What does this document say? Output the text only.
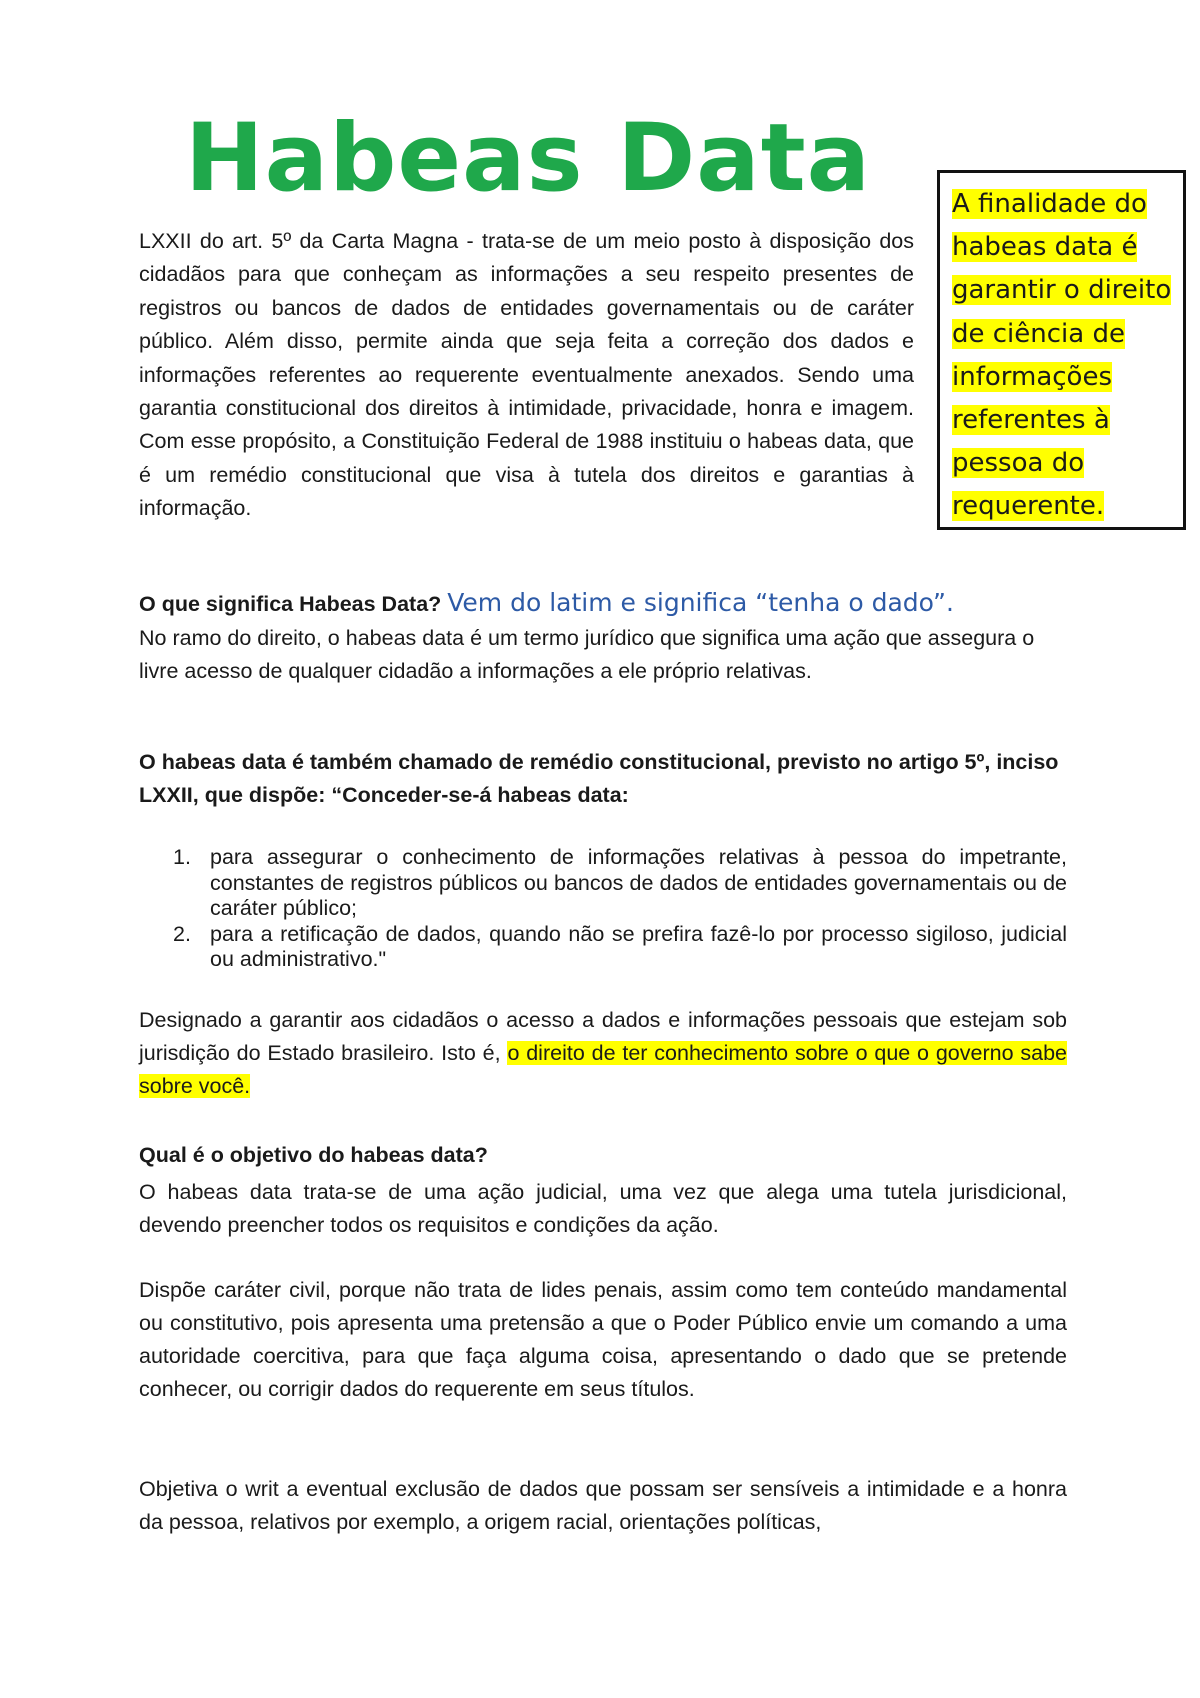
Habeas Data

LXXII do art. 5º da Carta Magna - trata-se de um meio posto à disposição dos cidadãos para que conheçam as informações a seu respeito presentes de registros ou bancos de dados de entidades governamentais ou de caráter público. Além disso, permite ainda que seja feita a correção dos dados e informações referentes ao requerente eventualmente anexados. Sendo uma garantia constitucional dos direitos à intimidade, privacidade, honra e imagem. Com esse propósito, a Constituição Federal de 1988 instituiu o habeas data, que é um remédio constitucional que visa à tutela dos direitos e garantias à informação.

A finalidade do habeas data é garantir o direito de ciência de informações referentes à pessoa do requerente.
O que significa Habeas Data? Vem do latim e significa “tenha o dado”.
No ramo do direito, o habeas data é um termo jurídico que significa uma ação que assegura o livre acesso de qualquer cidadão a informações a ele próprio relativas.
O habeas data é também chamado de remédio constitucional, previsto no artigo 5º, inciso LXXII, que dispõe: “Conceder-se-á habeas data:
1. para assegurar o conhecimento de informações relativas à pessoa do impetrante, constantes de registros públicos ou bancos de dados de entidades governamentais ou de caráter público;
2. para a retificação de dados, quando não se prefira fazê-lo por processo sigiloso, judicial ou administrativo."

Designado a garantir aos cidadãos o acesso a dados e informações pessoais que estejam sob jurisdição do Estado brasileiro. Isto é, o direito de ter conhecimento sobre o que o governo sabe sobre você.

Qual é o objetivo do habeas data?

O habeas data trata-se de uma ação judicial, uma vez que alega uma tutela jurisdicional, devendo preencher todos os requisitos e condições da ação.

Dispõe caráter civil, porque não trata de lides penais, assim como tem conteúdo mandamental ou constitutivo, pois apresenta uma pretensão a que o Poder Público envie um comando a uma autoridade coercitiva, para que faça alguma coisa, apresentando o dado que se pretende conhecer, ou corrigir dados do requerente em seus títulos.

Objetiva o writ a eventual exclusão de dados que possam ser sensíveis a intimidade e a honra da pessoa, relativos por exemplo, a origem racial, orientações políticas,
